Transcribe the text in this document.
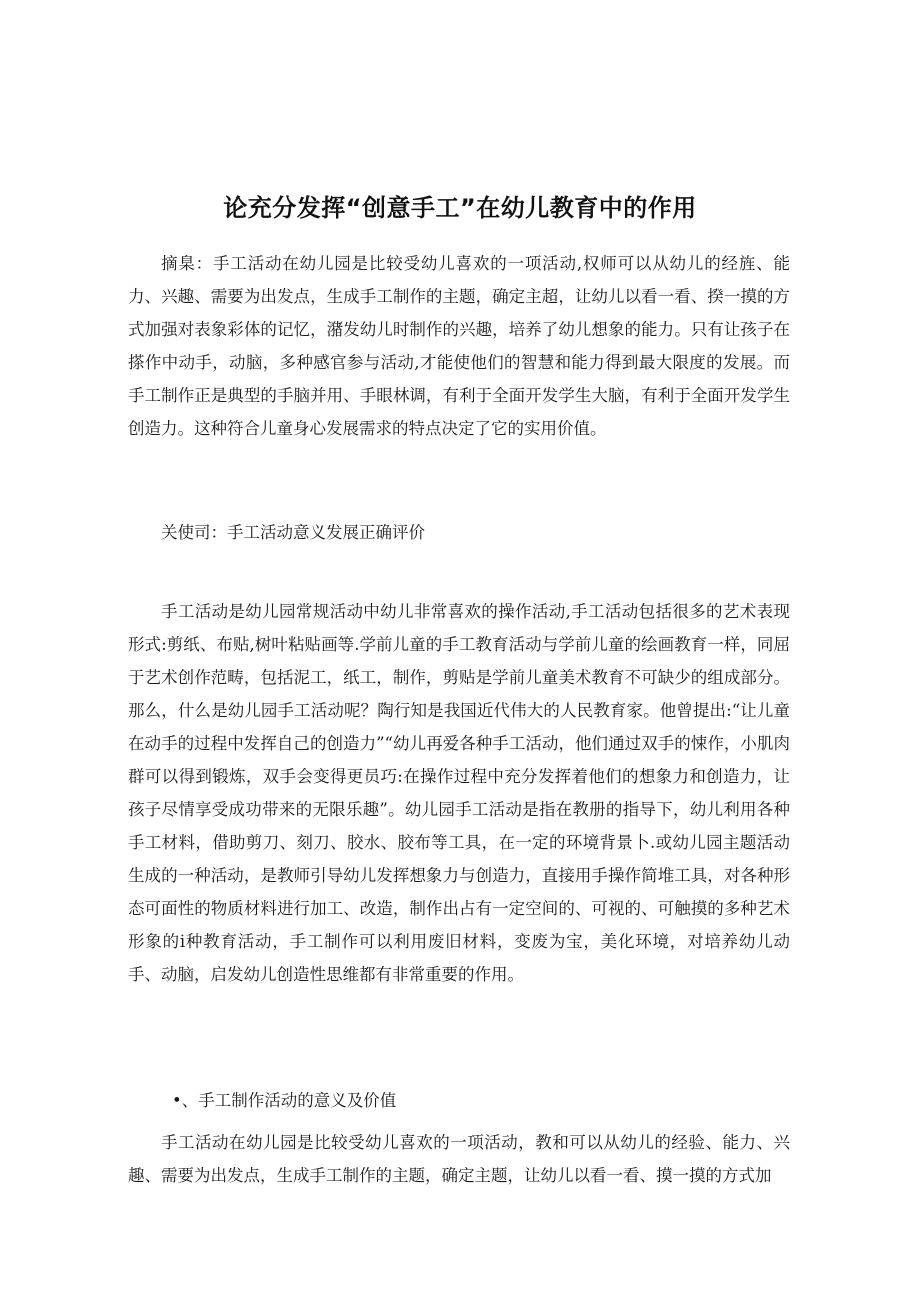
论充分发挥“创意手工”在幼儿教育中的作用

摘臬：手工活动在幼儿园是比较受幼儿喜欢的一项活动,权师可以从幼儿的经旌、能力、兴趣、需要为出发点，生成手工制作的主题，确定主超，让幼儿以看一看、揆一摸的方式加强对表象彩体的记忆，潴发幼儿时制作的兴趣，培养了幼儿想象的能力。只有让孩子在搽作中动手，动脑，多种感官参与活动,才能使他们的智慧和能力得到最大限度的发展。而手工制作正是典型的手脑并用、手眼林调，有利于全面开发学生大脑，有利于全面开发学生创造力。这种符合儿童身心发展需求的特点决定了它的实用价值。

关使司：手工活动意义发展正确评价

手工活动是幼儿园常规活动中幼儿非常喜欢的操作活动,手工活动包括很多的艺术表现形式:剪纸、布贴,树叶粘贴画等.学前儿童的手工教育活动与学前儿童的绘画教育一样，同屈于艺术创作范畴，包括泥工，纸工，制作，剪贴是学前儿童美术教育不可缺少的组成部分。那么，什么是幼儿园手工活动呢？陶行知是我国近代伟大的人民教育家。他曾提出:“让儿童在动手的过程中发挥自己的创造力”“幼儿再爱各种手工活动，他们通过双手的悚作，小肌肉群可以得到锻炼，双手会变得更员巧:在操作过程中充分发挥着他们的想象力和创造力，让孩子尽情享受成功带来的无限乐趣”。幼儿园手工活动是指在教册的指导下，幼儿利用各种手工材料，借助剪刀、刻刀、胶水、胶布等工具，在一定的环境背景卜.或幼儿园主题活动生成的一种活动，是教师引导幼儿发挥想象力与创造力，直接用手操作简堆工具，对各种形态可面性的物质材料进行加工、改造，制作出占有一定空间的、可视的、可触摸的多种艺术形象的i种教育活动，手工制作可以利用废旧材料，变废为宝，美化环境，对培养幼儿动手、动脑，启发幼儿创造性思维都有非常重要的作用。

•、手工制作活动的意义及价值

手工活动在幼儿园是比较受幼儿喜欢的一项活动，教和可以从幼儿的经验、能力、兴趣、需要为出发点，生成手工制作的主题，确定主题，让幼儿以看一看、摸一摸的方式加
